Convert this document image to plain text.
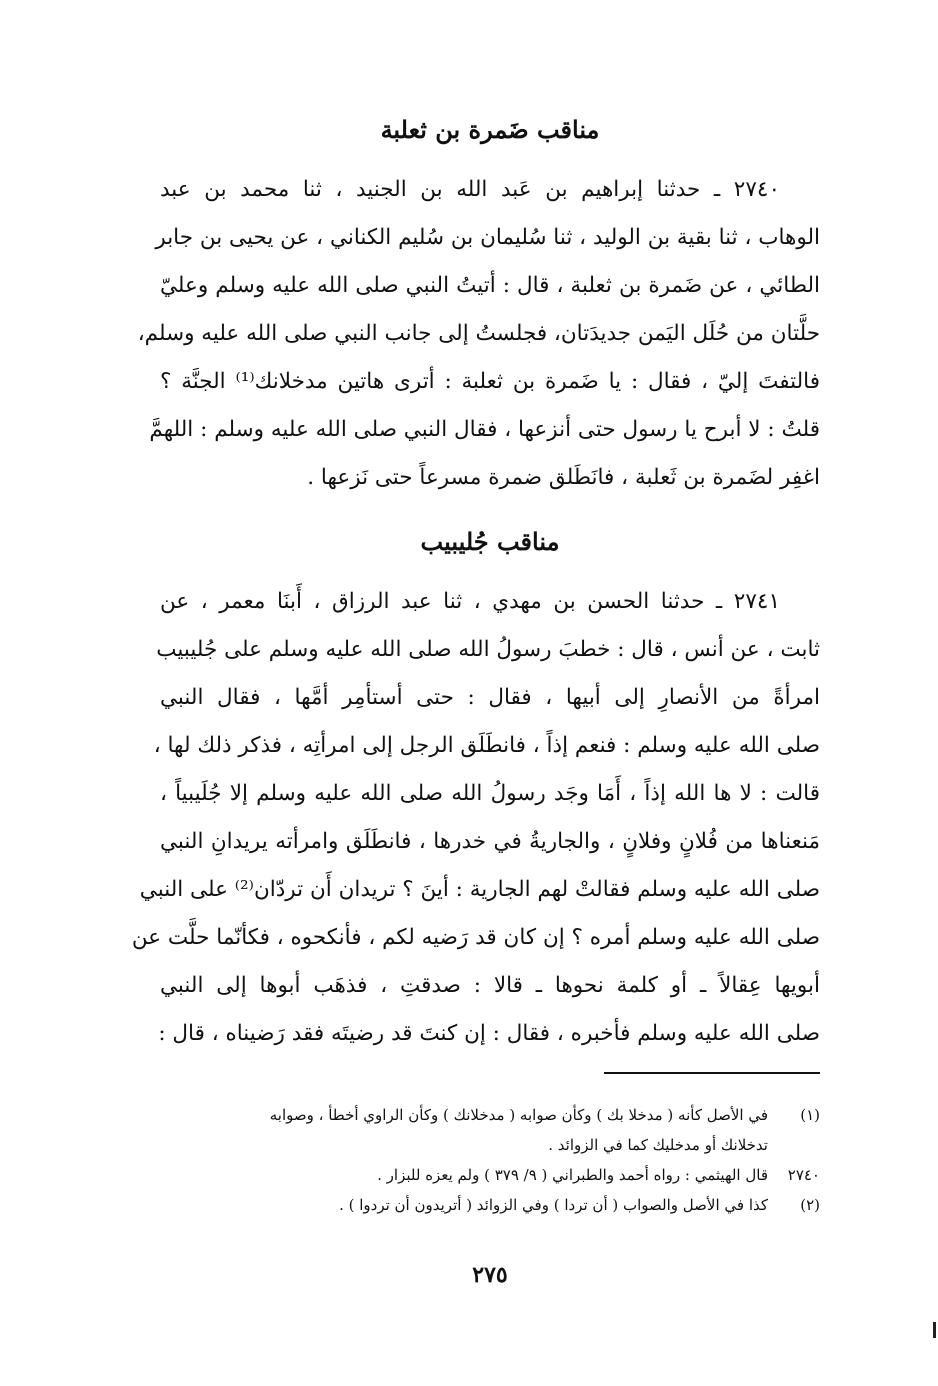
مناقب ضَمرة بن ثعلبة
٢٧٤٠ ـ حدثنا إبراهيم بن عَبد الله بن الجنيد ، ثنا محمد بن عبد
الوهاب ، ثنا بقية بن الوليد ، ثنا سُليمان بن سُليم الكناني ، عن يحيى بن جابر
الطائي ، عن ضَمرة بن ثعلبة ، قال : أتيتُ النبي صلى الله عليه وسلم وعليّ
حلَّتان من حُلَل اليَمن جديدَتان، فجلستُ إلى جانب النبي صلى الله عليه وسلم،
فالتفتَ إليّ ، فقال : يا ضَمرة بن ثعلبة : أترى هاتين مدخلانك⁽¹⁾ الجنَّة ؟
قلتُ : لا أبرح يا رسول حتى أنزعها ، فقال النبي صلى الله عليه وسلم : اللهمَّ
اغفِر لضَمرة بن ثَعلبة ، فانَطَلق ضمرة مسرعاً حتى نَزعها .
مناقب جُليبيب
٢٧٤١ ـ حدثنا الحسن بن مهدي ، ثنا عبد الرزاق ، أَبنَا معمر ، عن
ثابت ، عن أنس ، قال : خطبَ رسولُ الله صلى الله عليه وسلم على جُليبيب
امرأةً من الأنصارِ إلى أبيها ، فقال : حتى أستأمِر أمَّها ، فقال النبي
صلى الله عليه وسلم : فنعم إذاً ، فانطَلَق الرجل إلى امرأتِه ، فذكر ذلك لها ،
قالت : لا ها الله إذاً ، أَمَا وجَد رسولُ الله صلى الله عليه وسلم إلا جُلَيبياً ،
مَنعناها من فُلانٍ وفلانٍ ، والجاريةُ في خدرها ، فانطَلَق وامرأته يريدانِ النبي
صلى الله عليه وسلم فقالتْ لهم الجارية : أينَ ؟ تريدان أَن تردّان⁽²⁾ على النبي
صلى الله عليه وسلم أمره ؟ إن كان قد رَضيه لكم ، فأنكحوه ، فكأنّما حلَّت عن
أبويها عِقالاً ـ أو كلمة نحوها ـ قالا : صدقتِ ، فذهَب أبوها إلى النبي
صلى الله عليه وسلم فأخبره ، فقال : إن كنتَ قد رضيتَه فقد رَضيناه ، قال :
(١)
في الأصل كأنه ( مدخلا بك ) وكأن صوابه ( مدخلانك ) وكأن الراوي أخطأ ، وصوابه
تدخلانك أو مدخليك كما في الزوائد .
٢٧٤٠
قال الهيثمي : رواه أحمد والطبراني ( ٩/ ٣٧٩ ) ولم يعزه للبزار .
(٢)
كذا في الأصل والصواب ( أن تردا ) وفي الزوائد ( أتريدون أن تردوا ) .
٢٧٥
